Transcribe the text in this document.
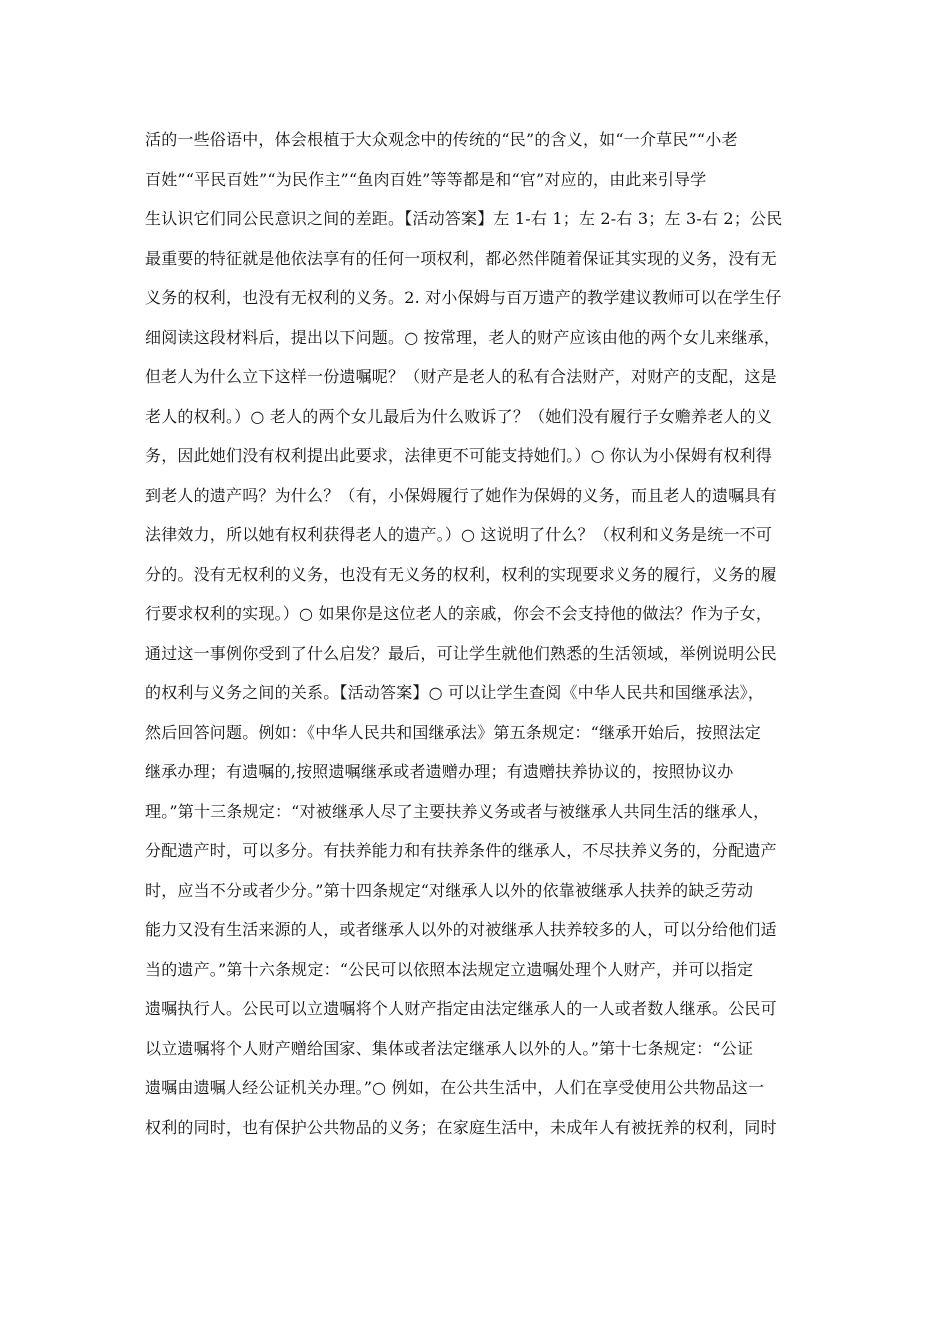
活的一些俗语中，体会根植于大众观念中的传统的“民”的含义，如“一介草民”“小老
百姓”“平民百姓”“为民作主”“鱼肉百姓”等等都是和“官”对应的，由此来引导学
生认识它们同公民意识之间的差距。【活动答案】左 1-右 1；左 2-右 3；左 3-右 2；公民
最重要的特征就是他依法享有的任何一项权利，都必然伴随着保证其实现的义务，没有无
义务的权利，也没有无权利的义务。2. 对小保姆与百万遗产的教学建议教师可以在学生仔
细阅读这段材料后，提出以下问题。○ 按常理，老人的财产应该由他的两个女儿来继承，
但老人为什么立下这样一份遗嘱呢？（财产是老人的私有合法财产，对财产的支配，这是
老人的权利。）○ 老人的两个女儿最后为什么败诉了？（她们没有履行子女赡养老人的义
务，因此她们没有权利提出此要求，法律更不可能支持她们。）○ 你认为小保姆有权利得
到老人的遗产吗？为什么？（有，小保姆履行了她作为保姆的义务，而且老人的遗嘱具有
法律效力，所以她有权利获得老人的遗产。）○ 这说明了什么？（权利和义务是统一不可
分的。没有无权利的义务，也没有无义务的权利，权利的实现要求义务的履行，义务的履
行要求权利的实现。）○ 如果你是这位老人的亲戚，你会不会支持他的做法？作为子女，
通过这一事例你受到了什么启发？最后，可让学生就他们熟悉的生活领域，举例说明公民
的权利与义务之间的关系。【活动答案】○ 可以让学生查阅《中华人民共和国继承法》，
然后回答问题。例如：《中华人民共和国继承法》第五条规定：“继承开始后，按照法定
继承办理；有遗嘱的,按照遗嘱继承或者遗赠办理；有遗赠扶养协议的，按照协议办
理。”第十三条规定：“对被继承人尽了主要扶养义务或者与被继承人共同生活的继承人，
分配遗产时，可以多分。有扶养能力和有扶养条件的继承人，不尽扶养义务的，分配遗产
时，应当不分或者少分。”第十四条规定“对继承人以外的依靠被继承人扶养的缺乏劳动
能力又没有生活来源的人，或者继承人以外的对被继承人扶养较多的人，可以分给他们适
当的遗产。”第十六条规定：“公民可以依照本法规定立遗嘱处理个人财产，并可以指定
遗嘱执行人。公民可以立遗嘱将个人财产指定由法定继承人的一人或者数人继承。公民可
以立遗嘱将个人财产赠给国家、集体或者法定继承人以外的人。”第十七条规定：“公证
遗嘱由遗嘱人经公证机关办理。”○ 例如，在公共生活中，人们在享受使用公共物品这一
权利的同时，也有保护公共物品的义务；在家庭生活中，未成年人有被抚养的权利，同时
